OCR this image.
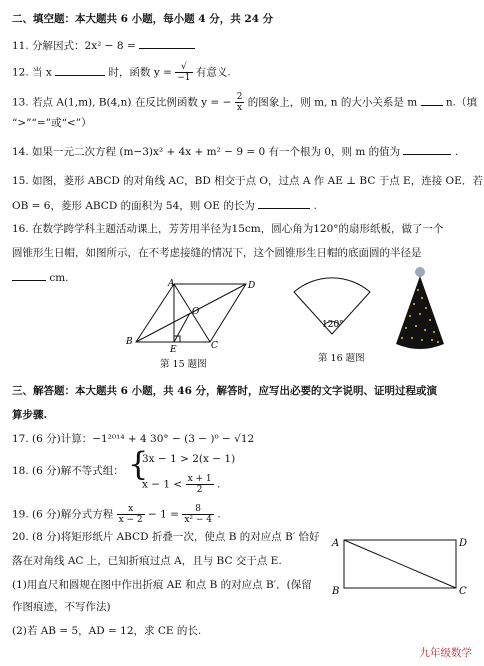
二、填空题：本大题共 6 小题，每小题 4 分，共 24 分
11. 分解因式：2x² − 8 =
12. 当 x	时，函数 $y = \frac{√}{-1}$ 有意义.
13. 若点 A(1,m), B(4,n) 在反比例函数 y = − $\frac{2}{x}$ 的图象上，则 m, n 的大小关系是 m	n.（填
“>”“=”或“<”）
14. 如果一元二次方程 (m−3)x² + 4x + m² − 9 = 0 有一个根为 0，则 m 的值为	.
15. 如图，菱形 ABCD 的对角线 AC，BD 相交于点 O，过点 A 作 AE ⊥ BC 于点 E，连接 OE．若
OB = 6，菱形 ABCD 的面积为 54，则 OE 的长为	.
16. 在数学跨学科主题活动课上，芳芳用半径为15cm，圆心角为120°的扇形纸板，做了一个
圆锥形生日帽，如图所示，在不考虑接缝的情况下，这个圆锥形生日帽的底面圆的半径是
cm.	A	D
B	C
E
O
第 15 题图
120°
第 16 题图
三、解答题：本大题共 6 小题，共 46 分，解答时，应写出必要的文字说明、证明过程或演
算步骤.
17. (6 分)计算：−1²⁰¹⁴ + 4 30° − (3 − )⁰ − √12
18. (6 分)解不等式组： {
3x − 1 > 2(x − 1)
$x - 1 < \frac{x + 1}{2}$ .
19. (6 分)解分式方程 $\frac{x}{x - 2} - 1 = \frac{8}{\text{x² − 4}}$ .
20. (8 分)将矩形纸片 ABCD 折叠一次，使点 B 的对应点 B′ 恰好
落在对角线 AC 上，已知折痕过点 A，且与 BC 交于点 E.
(1)用直尺和圆规在图中作出折痕 AE 和点 B 的对应点 B′．(保留
作图痕迹，不写作法)
(2)若 AB = 5，AD = 12，求 CE 的长.
A	D
B	C
九年级数学
